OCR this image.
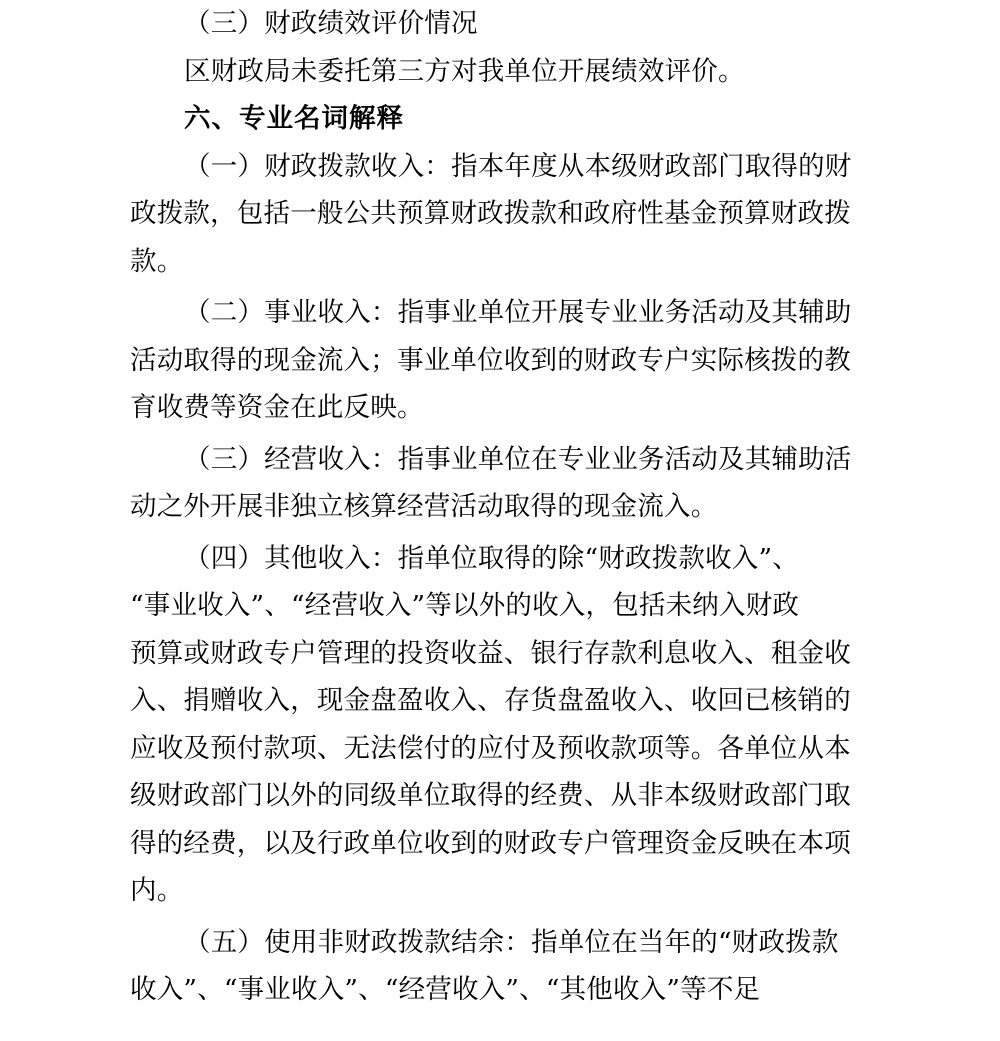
（三）财政绩效评价情况
区财政局未委托第三方对我单位开展绩效评价。
六、专业名词解释
（一）财政拨款收入：指本年度从本级财政部门取得的财
政拨款，包括一般公共预算财政拨款和政府性基金预算财政拨
款。
（二）事业收入：指事业单位开展专业业务活动及其辅助
活动取得的现金流入；事业单位收到的财政专户实际核拨的教
育收费等资金在此反映。
（三）经营收入：指事业单位在专业业务活动及其辅助活
动之外开展非独立核算经营活动取得的现金流入。
（四）其他收入：指单位取得的除“财政拨款收入”、
“事业收入”、“经营收入”等以外的收入，包括未纳入财政
预算或财政专户管理的投资收益、银行存款利息收入、租金收
入、捐赠收入，现金盘盈收入、存货盘盈收入、收回已核销的
应收及预付款项、无法偿付的应付及预收款项等。各单位从本
级财政部门以外的同级单位取得的经费、从非本级财政部门取
得的经费，以及行政单位收到的财政专户管理资金反映在本项
内。
（五）使用非财政拨款结余：指单位在当年的“财政拨款
收入”、“事业收入”、“经营收入”、“其他收入”等不足
